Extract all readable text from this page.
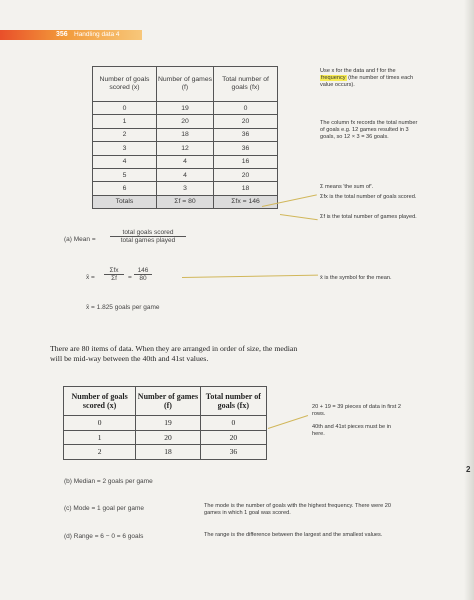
356 Handling data 4
Number of goals scored (x)	Number of games (f)	Total number of goals (fx)
0	19	0
1	20	20
2	18	36
3	12	36
4	4	16
5	4	20
6	3	18
Totals	Σf = 80	Σfx = 146
Use x for the data and f for the frequency (the number of times each value occurs).
The column fx records the total number of goals e.g. 12 games resulted in 3 goals, so 12 × 3 = 36 goals.
Σ means 'the sum of'.
Σfx is the total number of goals scored.
Σf is the total number of games played.
x̄ is the symbol for the mean.
20 + 19 = 39 pieces of data in first 2 rows.
40th and 41st pieces must be in here.
The mode is the number of goals with the highest frequency. There were 20 games in which 1 goal was scored.
The range is the difference between the largest and the smallest values.
(a) Mean =
total goals scored
total games played
x̄ =
Σfx
Σf	= $\frac{146}{80}$
x̄ = 1.825 goals per game
There are 80 items of data. When they are arranged in order of size, the median will be mid-way between the 40th and 41st values.
Number of goals scored (x)	Number of games (f)	Total number of goals (fx)
0	19	0
1	20	20
2	18	36
(b) Median = 2 goals per game
(c) Mode = 1 goal per game
(d) Range = 6 − 0 = 6 goals
2
